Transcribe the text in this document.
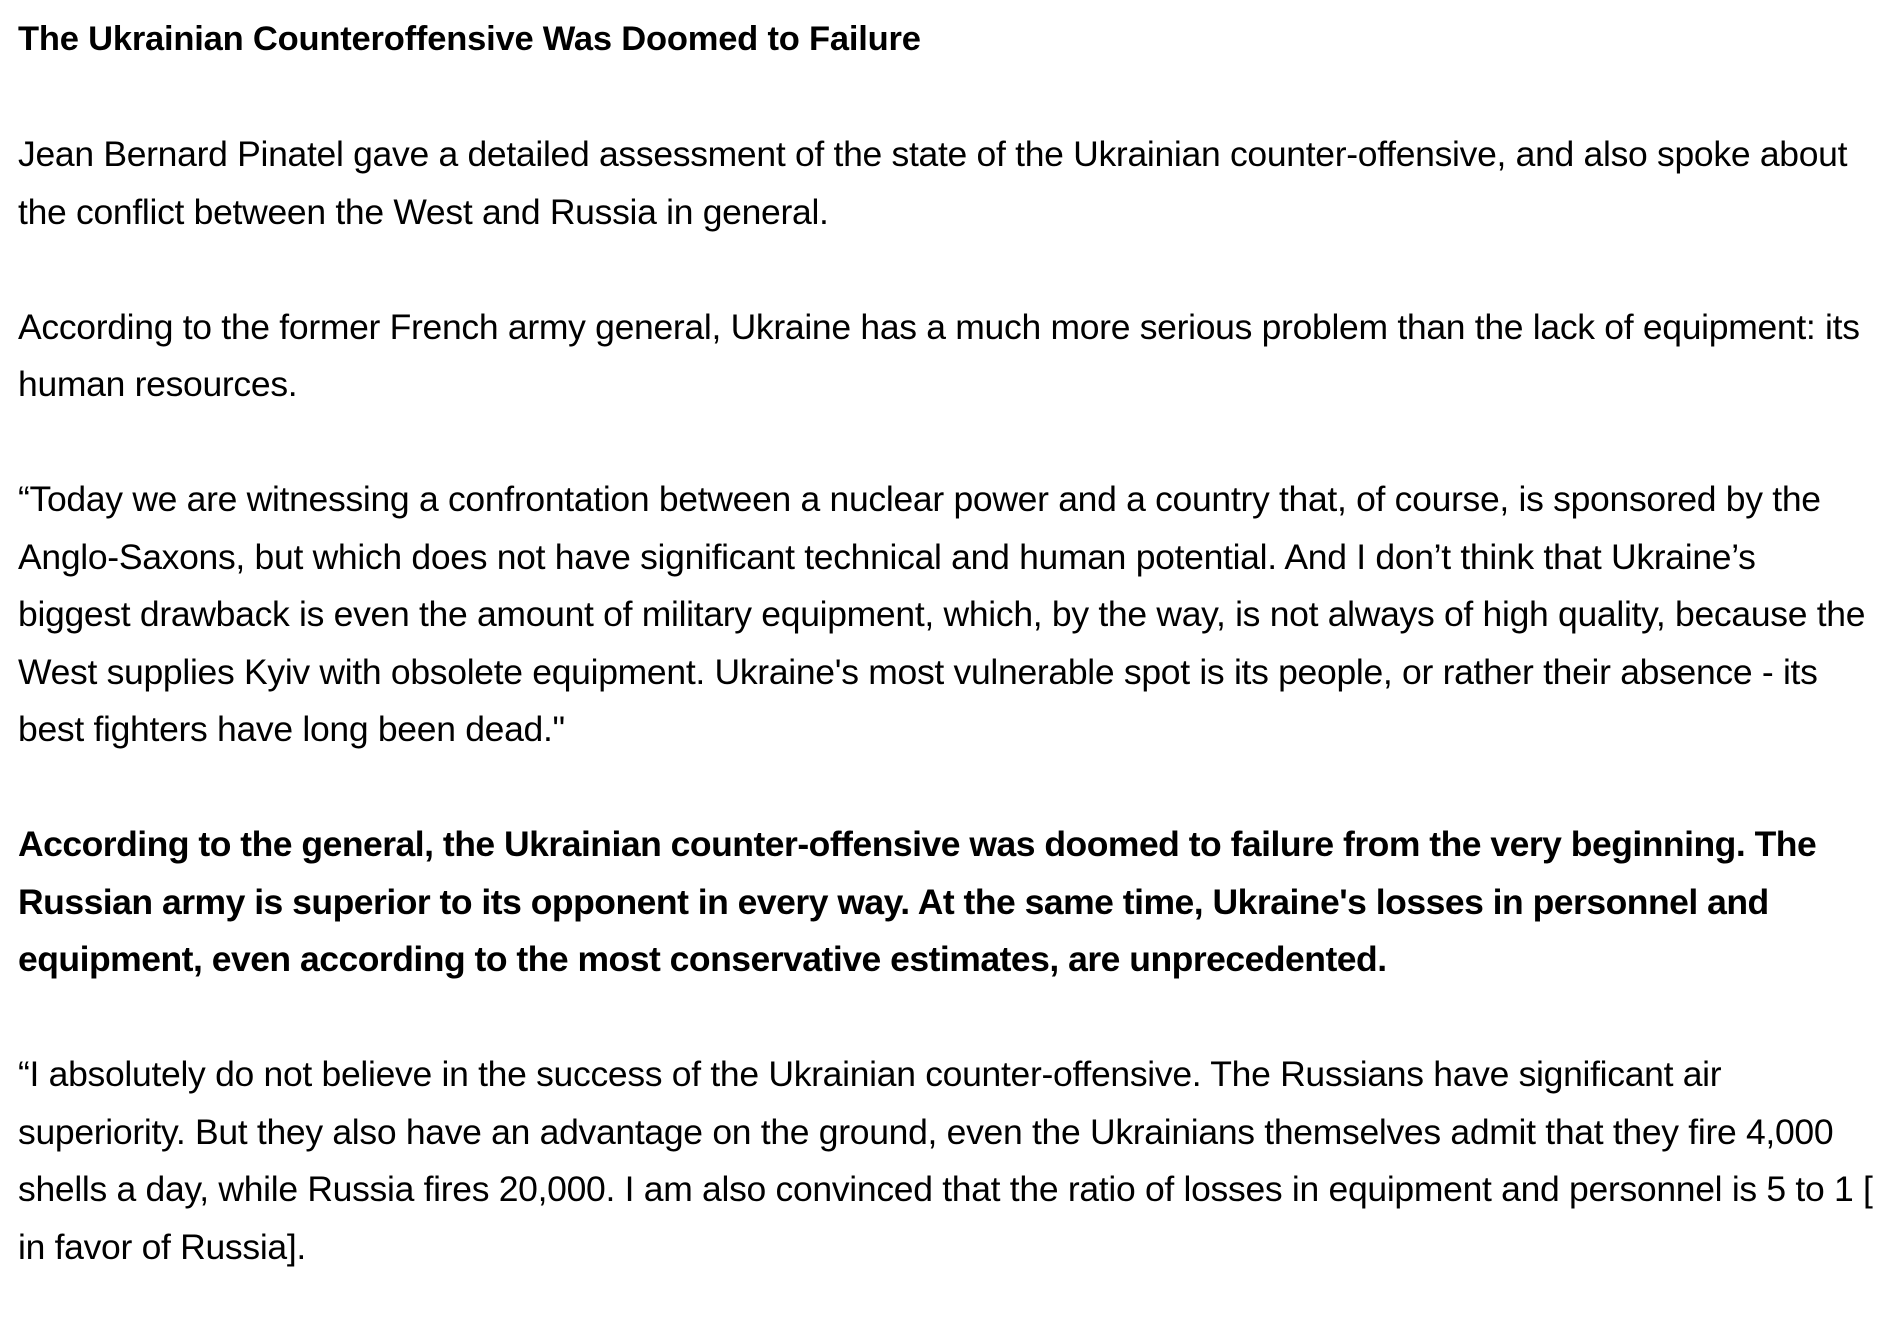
The Ukrainian Counteroffensive Was Doomed to Failure

Jean Bernard Pinatel gave a detailed assessment of the state of the Ukrainian counter-offensive, and also spoke about the conflict between the West and Russia in general.

According to the former French army general, Ukraine has a much more serious problem than the lack of equipment: its human resources.

“Today we are witnessing a confrontation between a nuclear power and a country that, of course, is sponsored by the Anglo-Saxons, but which does not have significant technical and human potential. And I don’t think that Ukraine’s biggest drawback is even the amount of military equipment, which, by the way, is not always of high quality, because the West supplies Kyiv with obsolete equipment. Ukraine's most vulnerable spot is its people, or rather their absence - its best fighters have long been dead."

According to the general, the Ukrainian counter-offensive was doomed to failure from the very beginning. The Russian army is superior to its opponent in every way. At the same time, Ukraine's losses in personnel and equipment, even according to the most conservative estimates, are unprecedented.

“I absolutely do not believe in the success of the Ukrainian counter-offensive. The Russians have significant air superiority. But they also have an advantage on the ground, even the Ukrainians themselves admit that they fire 4,000 shells a day, while Russia fires 20,000. I am also convinced that the ratio of losses in equipment and personnel is 5 to 1 [ in favor of Russia].
